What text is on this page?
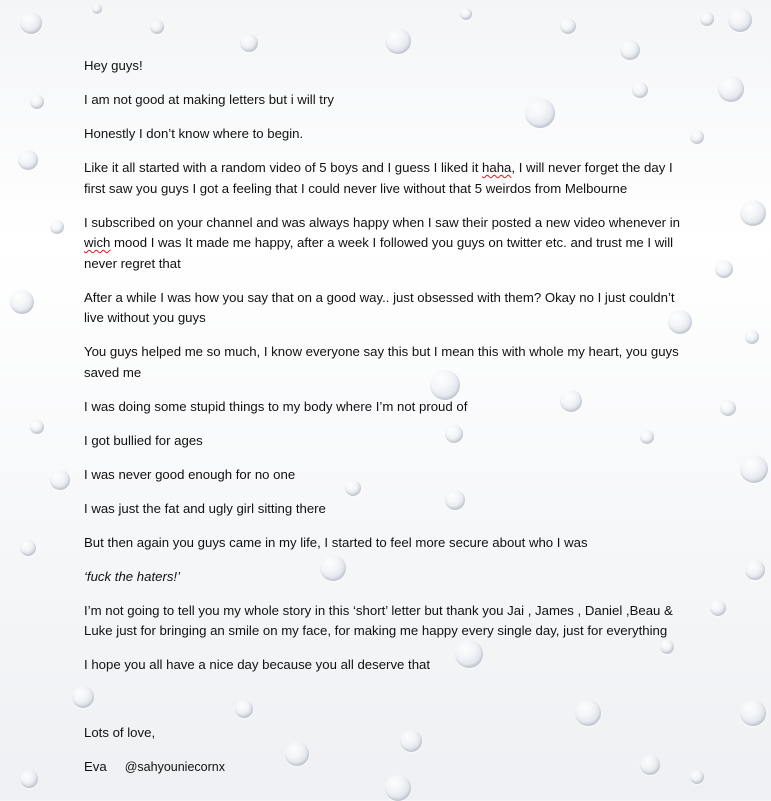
Hey guys!

I am not good at making letters but i will try

Honestly I don’t know where to begin.

Like it all started with a random video of 5 boys and I guess I liked it haha, I will never forget the day I first saw you guys I got a feeling that I could never live without that 5 weirdos from Melbourne

I subscribed on your channel and was always happy when I saw their posted a new video whenever in wich mood I was It made me happy, after a week I followed you guys on twitter etc. and trust me I will never regret that

After a while I was how you say that on a good way.. just obsessed with them? Okay no I just couldn’t live without you guys

You guys helped me so much, I know everyone say this but I mean this with whole my heart, you guys saved me

I was doing some stupid things to my body where I’m not proud of

I got bullied for ages

I was never good enough for no one

I was just the fat and ugly girl sitting there

But then again you guys came in my life, I started to feel more secure about who I was

‘fuck the haters!’

I’m not going to tell you my whole story in this ‘short’ letter but thank you Jai , James , Daniel ,Beau & Luke just for bringing an smile on my face, for making me happy every single day, just for everything

I hope you all have a nice day because you all deserve that

Lots of love,

Eva @sahyouniecornx
